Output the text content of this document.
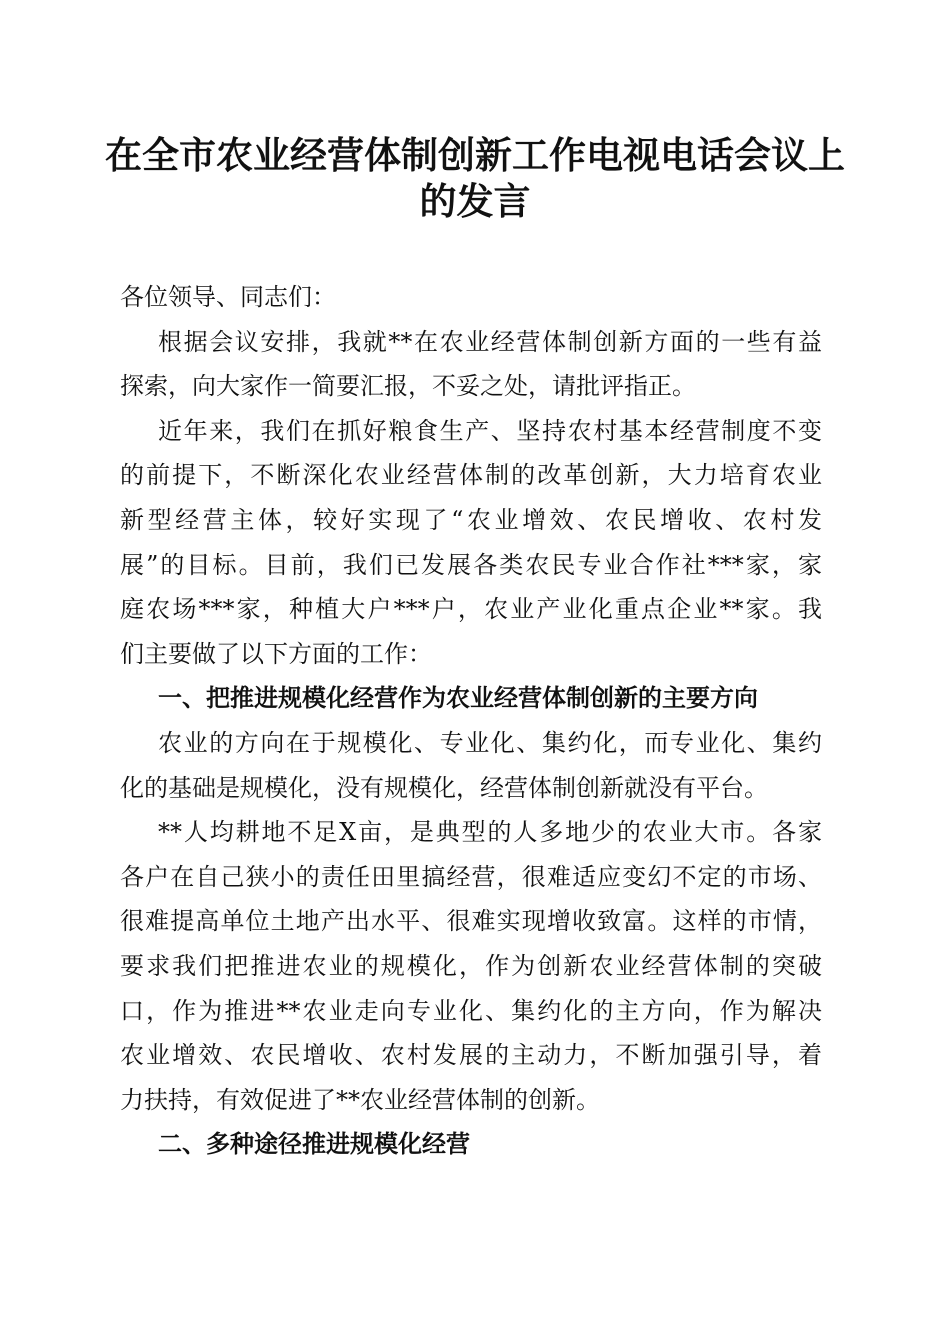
在全市农业经营体制创新工作电视电话会议上
的发言
各位领导、同志们：
根据会议安排，我就**在农业经营体制创新方面的一些有益
探索，向大家作一简要汇报，不妥之处，请批评指正。
近年来，我们在抓好粮食生产、坚持农村基本经营制度不变
的前提下，不断深化农业经营体制的改革创新，大力培育农业
新型经营主体，较好实现了“农业增效、农民增收、农村发
展”的目标。目前，我们已发展各类农民专业合作社***家，家
庭农场***家，种植大户***户，农业产业化重点企业**家。我
们主要做了以下方面的工作：
一、把推进规模化经营作为农业经营体制创新的主要方向
农业的方向在于规模化、专业化、集约化，而专业化、集约
化的基础是规模化，没有规模化，经营体制创新就没有平台。
**人均耕地不足X亩，是典型的人多地少的农业大市。各家
各户在自己狭小的责任田里搞经营，很难适应变幻不定的市场、
很难提高单位土地产出水平、很难实现增收致富。这样的市情，
要求我们把推进农业的规模化，作为创新农业经营体制的突破
口，作为推进**农业走向专业化、集约化的主方向，作为解决
农业增效、农民增收、农村发展的主动力，不断加强引导，着
力扶持，有效促进了**农业经营体制的创新。
二、多种途径推进规模化经营
